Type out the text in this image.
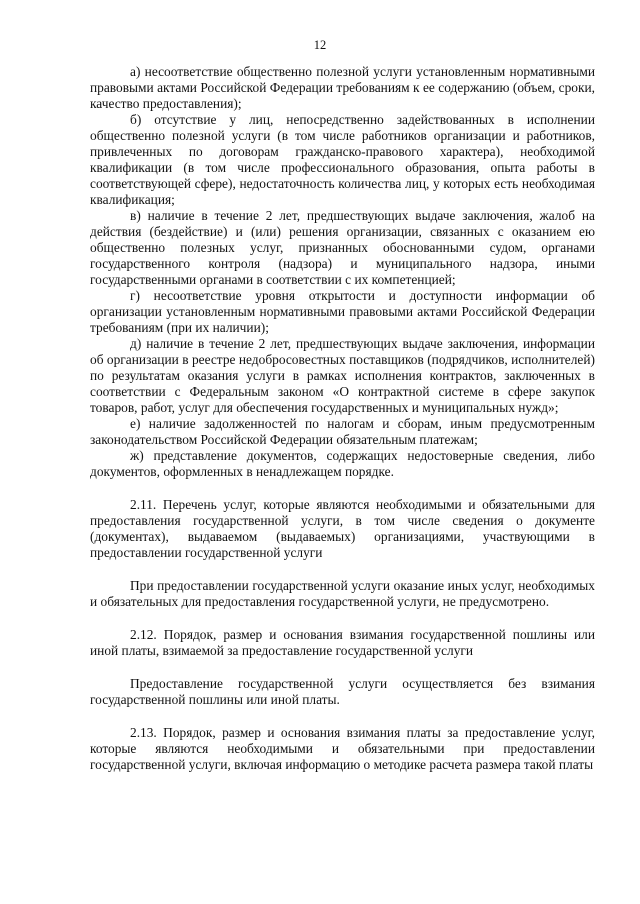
12

а) несоответствие общественно полезной услуги установленным нормативными правовыми актами Российской Федерации требованиям к ее содержанию (объем, сроки, качество предоставления);

б) отсутствие у лиц, непосредственно задействованных в исполнении общественно полезной услуги (в том числе работников организации и работников, привлеченных по договорам гражданско-правового характера), необходимой квалификации (в том числе профессионального образования, опыта работы в соответствующей сфере), недостаточность количества лиц, у которых есть необходимая квалификация;

в) наличие в течение 2 лет, предшествующих выдаче заключения, жалоб на действия (бездействие) и (или) решения организации, связанных с оказанием ею общественно полезных услуг, признанных обоснованными судом, органами государственного контроля (надзора) и муниципального надзора, иными государственными органами в соответствии с их компетенцией;

г) несоответствие уровня открытости и доступности информации об организации установленным нормативными правовыми актами Российской Федерации требованиям (при их наличии);

д) наличие в течение 2 лет, предшествующих выдаче заключения, информации об организации в реестре недобросовестных поставщиков (подрядчиков, исполнителей) по результатам оказания услуги в рамках исполнения контрактов, заключенных в соответствии с Федеральным законом «О контрактной системе в сфере закупок товаров, работ, услуг для обеспечения государственных и муниципальных нужд»;

е) наличие задолженностей по налогам и сборам, иным предусмотренным законодательством Российской Федерации обязательным платежам;

ж) представление документов, содержащих недостоверные сведения, либо документов, оформленных в ненадлежащем порядке.

2.11. Перечень услуг, которые являются необходимыми и обязательными для предоставления государственной услуги, в том числе сведения о документе (документах), выдаваемом (выдаваемых) организациями, участвующими в предоставлении государственной услуги

При предоставлении государственной услуги оказание иных услуг, необходимых и обязательных для предоставления государственной услуги, не предусмотрено.

2.12. Порядок, размер и основания взимания государственной пошлины или иной платы, взимаемой за предоставление государственной услуги

Предоставление государственной услуги осуществляется без взимания государственной пошлины или иной платы.

2.13. Порядок, размер и основания взимания платы за предоставление услуг, которые являются необходимыми и обязательными при предоставлении государственной услуги, включая информацию о методике расчета размера такой платы
